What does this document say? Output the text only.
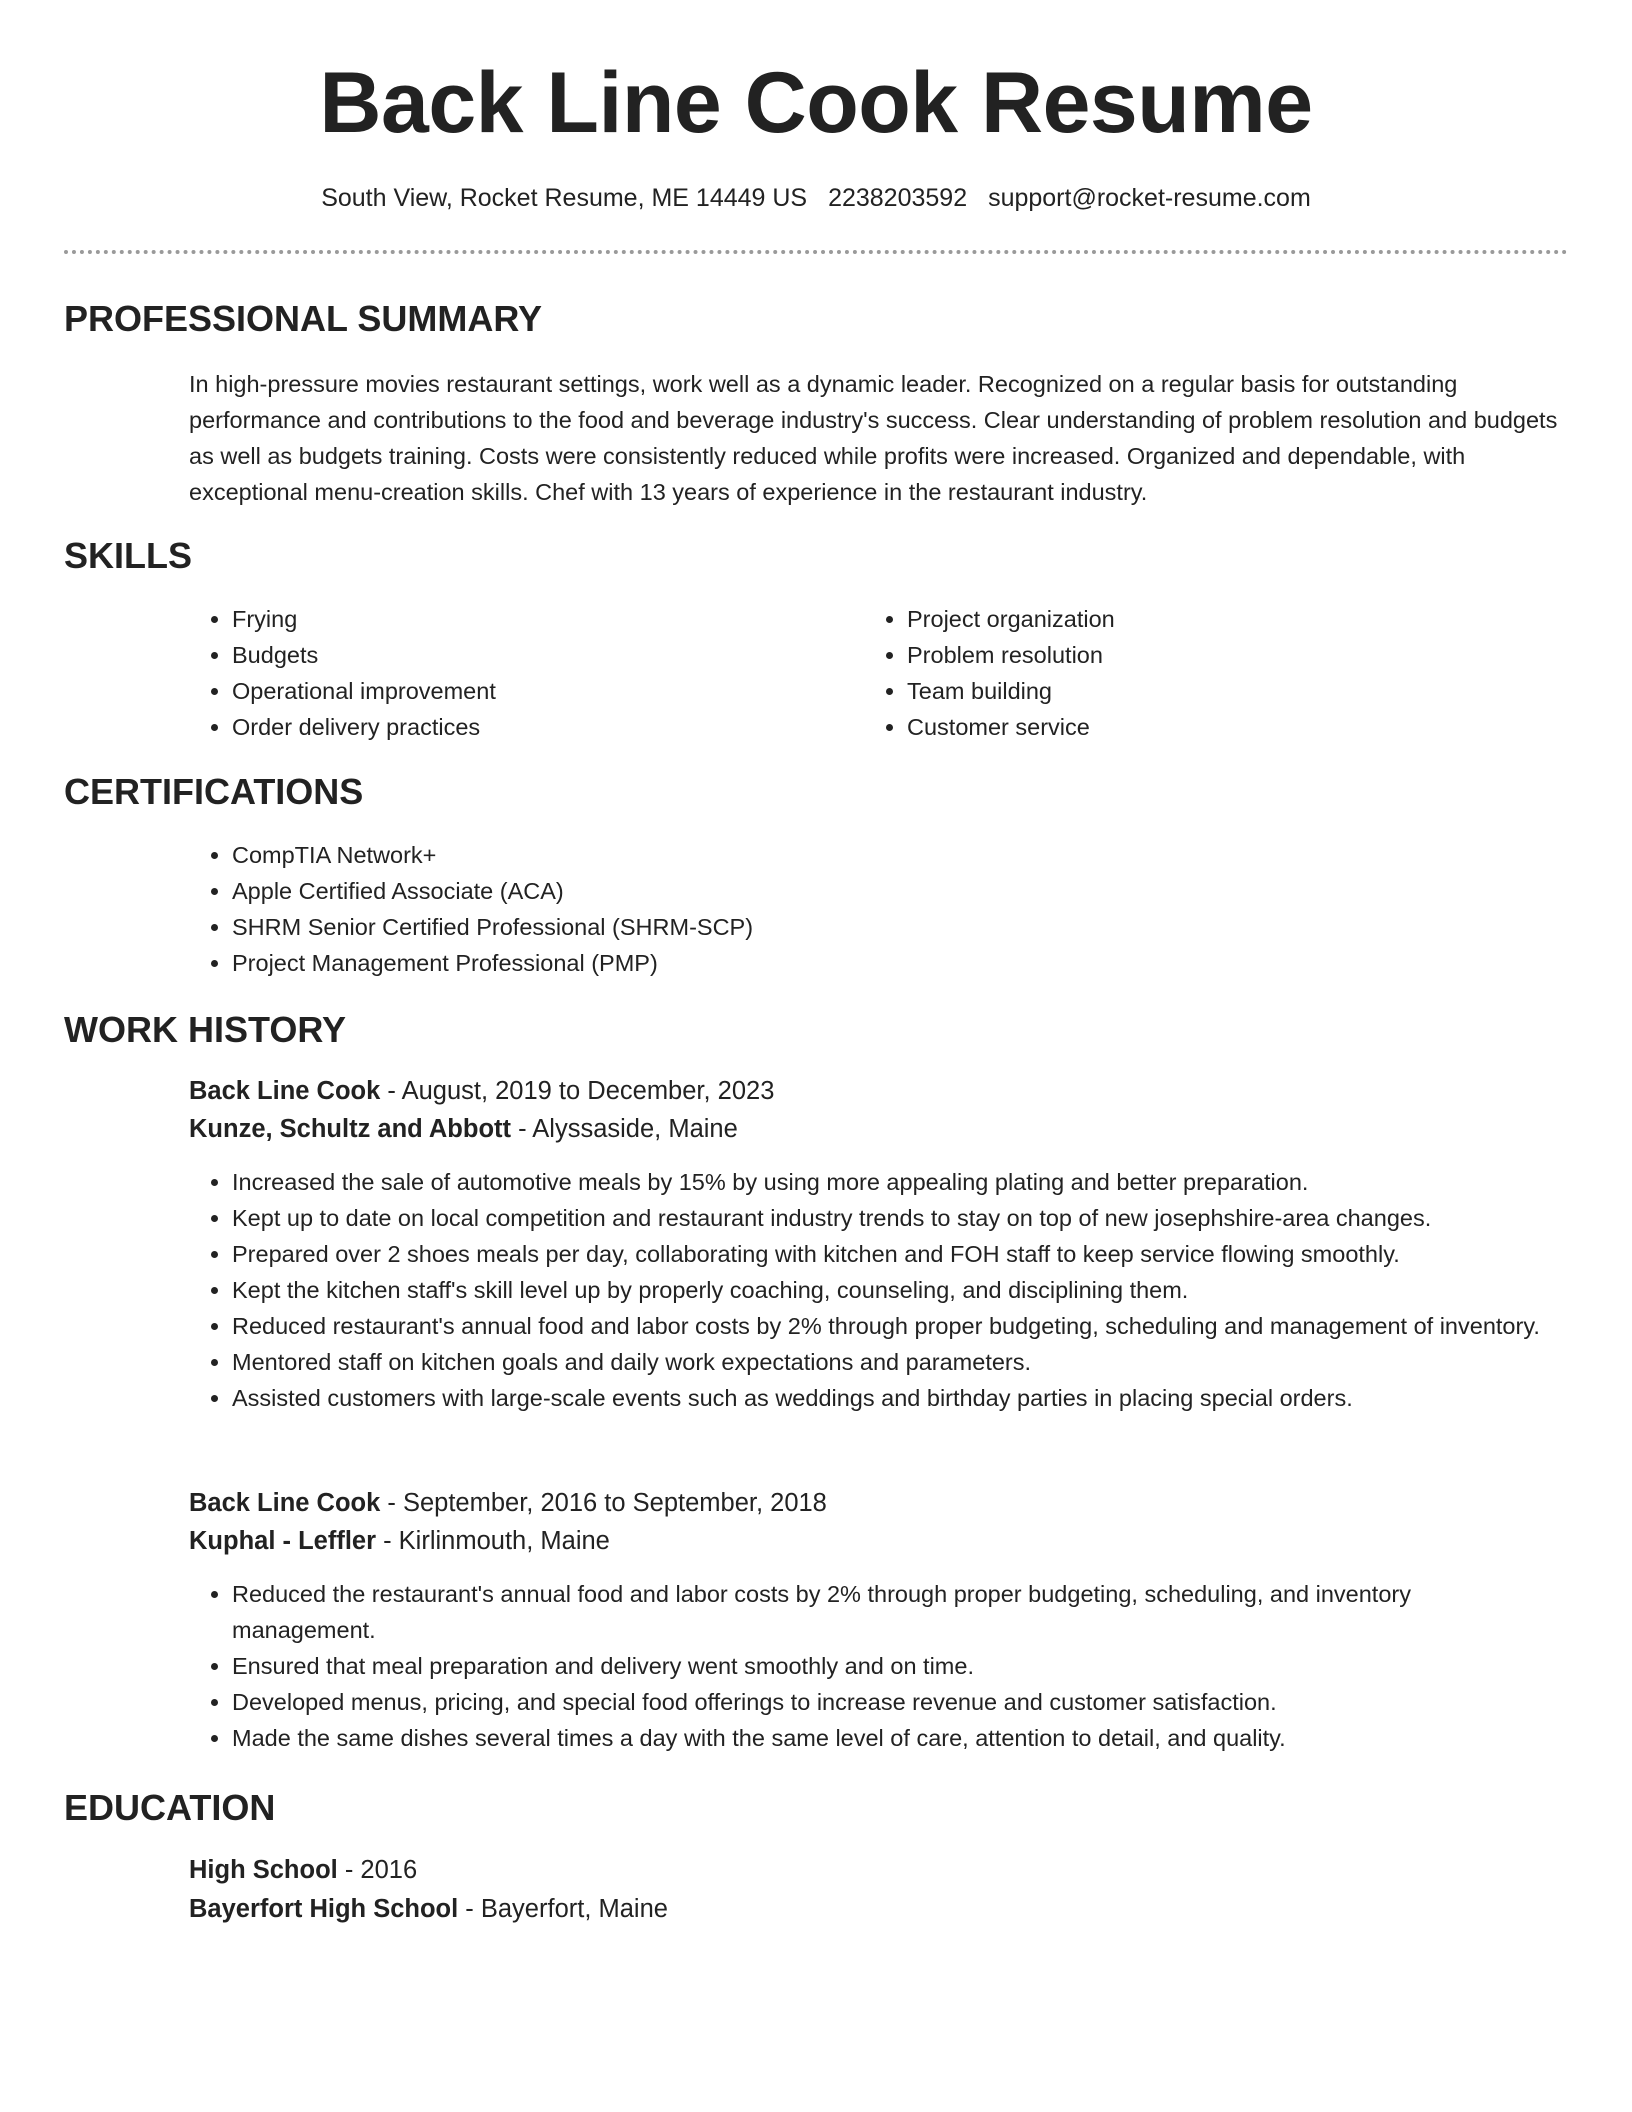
Back Line Cook Resume
South View, Rocket Resume, ME 14449 US 2238203592 support@rocket-resume.com
PROFESSIONAL SUMMARY

In high-pressure movies restaurant settings, work well as a dynamic leader. Recognized on a regular basis for outstanding performance and contributions to the food and beverage industry's success. Clear understanding of problem resolution and budgets as well as budgets training. Costs were consistently reduced while profits were increased. Organized and dependable, with exceptional menu-creation skills. Chef with 13 years of experience in the restaurant industry.

SKILLS
• Frying
• Budgets
• Operational improvement
• Order delivery practices
• Project organization
• Problem resolution
• Team building
• Customer service
CERTIFICATIONS
• CompTIA Network+
• Apple Certified Associate (ACA)
• SHRM Senior Certified Professional (SHRM-SCP)
• Project Management Professional (PMP)
WORK HISTORY

Back Line Cook - August, 2019 to December, 2023

Kunze, Schultz and Abbott - Alyssaside, Maine

• Increased the sale of automotive meals by 15% by using more appealing plating and better preparation.
• Kept up to date on local competition and restaurant industry trends to stay on top of new josephshire-area changes.
• Prepared over 2 shoes meals per day, collaborating with kitchen and FOH staff to keep service flowing smoothly.
• Kept the kitchen staff's skill level up by properly coaching, counseling, and disciplining them.
• Reduced restaurant's annual food and labor costs by 2% through proper budgeting, scheduling and management of inventory.
• Mentored staff on kitchen goals and daily work expectations and parameters.
• Assisted customers with large-scale events such as weddings and birthday parties in placing special orders.

Back Line Cook - September, 2016 to September, 2018

Kuphal - Leffler - Kirlinmouth, Maine

• Reduced the restaurant's annual food and labor costs by 2% through proper budgeting, scheduling, and inventory management.
• Ensured that meal preparation and delivery went smoothly and on time.
• Developed menus, pricing, and special food offerings to increase revenue and customer satisfaction.
• Made the same dishes several times a day with the same level of care, attention to detail, and quality.
EDUCATION

High School - 2016

Bayerfort High School - Bayerfort, Maine
